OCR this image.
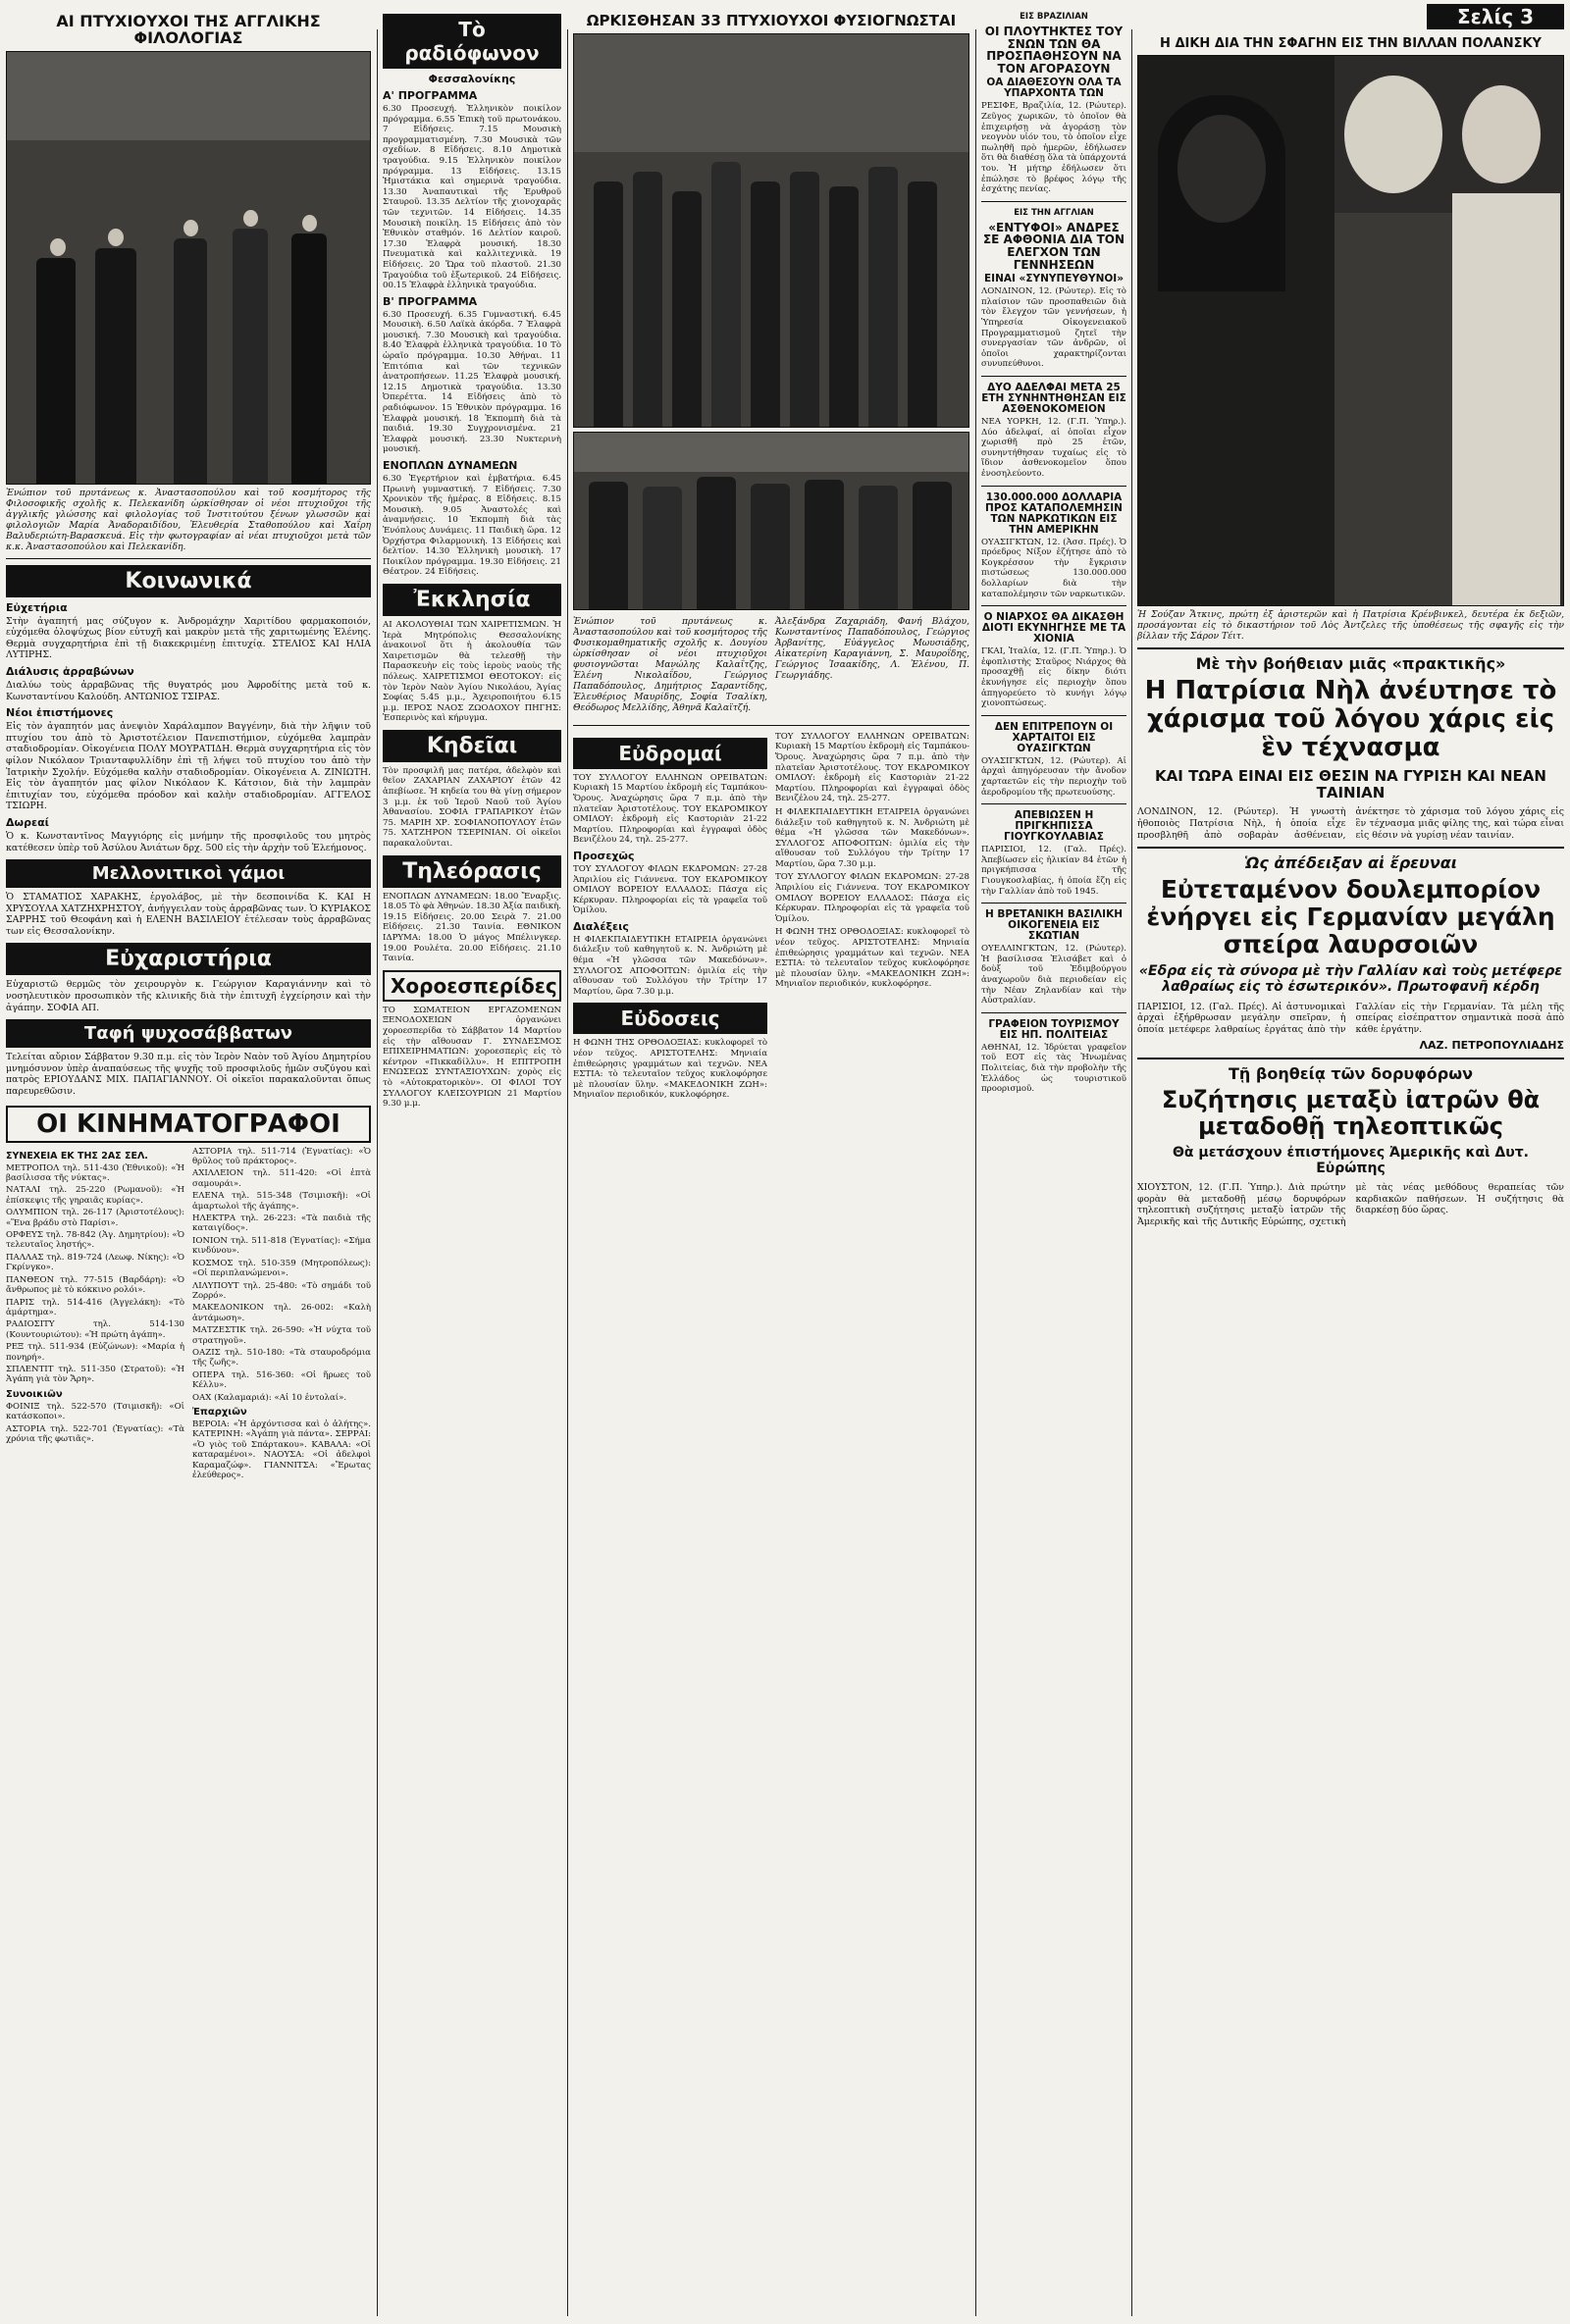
Σελίς 3
ΑΙ ΠΤΥΧΙΟΥΧΟΙ ΤΗΣ ΑΓΓΛΙΚΗΣ ΦΙΛΟΛΟΓΙΑΣ
Ἐνώπιον τοῦ πρυτάνεως κ. Ἀναστασοπούλου καὶ τοῦ κοσμήτορος τῆς Φιλοσοφικῆς σχολῆς κ. Πελεκανίδη ὡρκίσθησαν οἱ νέοι πτυχιοῦχοι τῆς ἀγγλικῆς γλώσσης καὶ φιλολογίας τοῦ Ἰνστιτούτου ξένων γλωσσῶν καὶ φιλολογιῶν Μαρία Ἀναδοραιδίδου, Ἐλευθερία Σταθοπούλου καὶ Χαΐρη Βαλυδεριώτη-Βαρασκευά. Εἰς τὴν φωτογραφίαν αἱ νέαι πτυχιοῦχοι μετὰ τῶν κ.κ. Ἀναστασοπούλου καὶ Πελεκανίδη.
Κοινωνικά
Εὐχετήρια

Στὴν ἀγαπητή μας σύζυγον κ. Ἀνδρομάχην Χαριτίδου φαρμακοποιόν, εὐχόμεθα ὁλοψύχως βίον εὐτυχῆ καὶ μακρὺν μετὰ τῆς χαριτωμένης Ἑλένης. Θερμὰ συγχαρητήρια ἐπὶ τῇ διακεκριμένῃ ἐπιτυχίᾳ. ΣΤΕΛΙΟΣ ΚΑΙ ΗΛΙΑ ΛΥΤΙΡΗΣ.

Διάλυσις ἀρραβώνων

Διαλύω τοὺς ἀρραβῶνας τῆς θυγατρός μου Ἀφροδίτης μετὰ τοῦ κ. Κωνσταντίνου Καλούδη. ΑΝΤΩΝΙΟΣ ΤΣΙΡΑΣ.

Νέοι ἐπιστήμονες

Εἰς τὸν ἀγαπητόν μας ἀνεψιὸν Χαράλαμπον Βαγγένην, διὰ τὴν λῆψιν τοῦ πτυχίου του ἀπὸ τὸ Ἀριστοτέλειον Πανεπιστήμιον, εὐχόμεθα λαμπρὰν σταδιοδρομίαν. Οἰκογένεια ΠΟΛΥ ΜΟΥΡΑΤΙΔΗ. Θερμὰ συγχαρητήρια εἰς τὸν φίλον Νικόλαον Τριανταφυλλίδην ἐπὶ τῇ λήψει τοῦ πτυχίου του ἀπὸ τὴν Ἰατρικὴν Σχολήν. Εὐχόμεθα καλὴν σταδιοδρομίαν. Οἰκογένεια Α. ΖΙΝΙΩΤΗ. Εἰς τὸν ἀγαπητόν μας φίλον Νικόλαον Κ. Κάτσιον, διὰ τὴν λαμπρὰν ἐπιτυχίαν του, εὐχόμεθα πρόοδον καὶ καλὴν σταδιοδρομίαν. ΑΓΓΕΛΟΣ ΤΣΙΩΡΗ.

Δωρεαί

Ὁ κ. Κωνσταντῖνος Μαγγιόρης εἰς μνήμην τῆς προσφιλοῦς του μητρὸς κατέθεσεν ὑπὲρ τοῦ Ἀσύλου Ἀνιάτων δρχ. 500 εἰς τὴν ἀρχὴν τοῦ Ἑλεήμονος.

Μελλονιτικοὶ γάμοι

Ὁ ΣΤΑΜΑΤΙΟΣ ΧΑΡΑΚΗΣ, ἐργολάβος, μὲ τὴν δεσποινίδα Κ. ΚΑΙ Η ΧΡΥΣΟΥΛΑ ΧΑΤΖΗΧΡΗΣΤΟΥ, ἀνήγγειλαν τοὺς ἀρραβῶνας των. Ὁ ΚΥΡΙΑΚΟΣ ΣΑΡΡΗΣ τοῦ Θεοφάνη καὶ ἡ ΕΛΕΝΗ ΒΑΣΙΛΕΙΟΥ ἐτέλεσαν τοὺς ἀρραβῶνας των εἰς Θεσσαλονίκην.

Εὐχαριστήρια

Εὐχαριστῶ θερμῶς τὸν χειρουργὸν κ. Γεώργιον Καραγιάννην καὶ τὸ νοσηλευτικὸν προσωπικὸν τῆς κλινικῆς διὰ τὴν ἐπιτυχῆ ἐγχείρησιν καὶ τὴν ἀγάπην. ΣΟΦΙΑ ΑΠ.

Ταφή ψυχοσάββατων

Τελείται αὔριον Σάββατον 9.30 π.μ. εἰς τὸν Ἱερὸν Ναὸν τοῦ Ἁγίου Δημητρίου μνημόσυνον ὑπὲρ ἀναπαύσεως τῆς ψυχῆς τοῦ προσφιλοῦς ἡμῶν συζύγου καὶ πατρὸς ΕΡΙΟΥΔΑΝΣ ΜΙΧ. ΠΑΠΑΓΙΑΝΝΟΥ. Οἱ οἰκεῖοι παρακαλοῦνται ὅπως παρευρεθῶσιν.

ΟΙ ΚΙΝΗΜΑΤΟΓΡΑΦΟΙ
ΣΥΝΕΧΕΙΑ ΕΚ ΤΗΣ 2ΑΣ ΣΕΛ.

ΜΕΤΡΟΠΟΛ τηλ. 511-430 (Ἐθνικοῦ): «Ἡ βασίλισσα τῆς νύκτας».

ΝΑΤΑΛΙ τηλ. 25-220 (Ρωμανοῦ): «Ἡ ἐπίσκεψις τῆς γηραιᾶς κυρίας».

ΟΛΥΜΠΙΟΝ τηλ. 26-117 (Ἀριστοτέλους): «Ἕνα βράδυ στὸ Παρίσι».

ΟΡΦΕΥΣ τηλ. 78-842 (Ἁγ. Δημητρίου): «Ὁ τελευταῖος ληστής».

ΠΑΛΛΑΣ τηλ. 819-724 (Λεωφ. Νίκης): «Ὁ Γκρίνγκο».

ΠΑΝΘΕΟΝ τηλ. 77-515 (Βαρδάρη): «Ὁ ἄνθρωπος μὲ τὸ κόκκινο ρολόι».

ΠΑΡΙΣ τηλ. 514-416 (Ἀγγελάκη): «Τὸ ἀμάρτημα».

ΡΑΔΙΟΣΙΤΥ τηλ. 514-130 (Κουντουριώτου): «Ἡ πρώτη ἀγάπη».

ΡΕΞ τηλ. 511-934 (Εὐζώνων): «Μαρία ἡ πονηρή».

ΣΠΛΕΝΤΙΤ τηλ. 511-350 (Στρατοῦ): «Ἡ Ἀγάπη γιὰ τὸν Ἄρη».

Συνοικιῶν

ΦΟΙΝΙΞ τηλ. 522-570 (Τσιμισκῆ): «Οἱ κατάσκοποι».

ΑΣΤΟΡΙΑ τηλ. 522-701 (Ἐγνατίας): «Τὰ χρόνια τῆς φωτιᾶς».

ΑΣΤΟΡΙΑ τηλ. 511-714 (Ἐγνατίας): «Ὁ θρῦλος τοῦ πράκτορος».

ΑΧΙΛΛΕΙΟΝ τηλ. 511-420: «Οἱ ἐπτὰ σαμουράι».

ΕΛΕΝΑ τηλ. 515-348 (Τσιμισκῆ): «Οἱ ἀμαρτωλοὶ τῆς ἀγάπης».

ΗΛΕΚΤΡΑ τηλ. 26-223: «Τὰ παιδιὰ τῆς καταιγίδος».

ΙΟΝΙΟΝ τηλ. 511-818 (Ἐγνατίας): «Σήμα κινδύνου».

ΚΟΣΜΟΣ τηλ. 510-359 (Μητροπόλεως): «Οἱ περιπλανώμενοι».

ΛΙΛΥΠΟΥΤ τηλ. 25-480: «Τὸ σημάδι τοῦ Ζορρό».

ΜΑΚΕΔΟΝΙΚΟΝ τηλ. 26-002: «Καλὴ ἀντάμωση».

ΜΑΤΖΕΣΤΙΚ τηλ. 26-590: «Ἡ νύχτα τοῦ στρατηγοῦ».

ΟΑΖΙΣ τηλ. 510-180: «Τὰ σταυροδρόμια τῆς ζωῆς».

ΟΠΕΡΑ τηλ. 516-360: «Οἱ ἥρωες τοῦ Κέλλυ».

ΟΑΧ (Καλαμαριά): «Αἱ 10 ἐντολαί».

Ἐπαρχιῶν

ΒΕΡΟΙΑ: «Ἡ ἀρχόντισσα καὶ ὁ ἀλήτης». ΚΑΤΕΡΙΝΗ: «Ἀγάπη γιὰ πάντα». ΣΕΡΡΑΙ: «Ὁ γιὸς τοῦ Σπάρτακου». ΚΑΒΑΛΑ: «Οἱ καταραμένοι». ΝΑΟΥΣΑ: «Οἱ ἀδελφοὶ Καραμαζώφ». ΓΙΑΝΝΙΤΣΑ: «Ἔρωτας ἐλεύθερος».

Τὸ ραδιόφωνον
Φεσσαλονίκης
Α' ΠΡΟΓΡΑΜΜΑ

6.30 Προσευχή. Ἑλληνικὸν ποικίλον πρόγραμμα. 6.55 Ἐπικὴ τοῦ πρωτονάκου. 7 Εἰδήσεις. 7.15 Μουσικὴ προγραμματισμένη. 7.30 Μουσικὰ τῶν σχεδίων. 8 Εἰδήσεις. 8.10 Δημοτικὰ τραγούδια. 9.15 Ἑλληνικὸν ποικίλον πρόγραμμα. 13 Εἰδήσεις. 13.15 Ἡμιστάκια καὶ σημερινὰ τραγούδια. 13.30 Ἀναπαυτικαὶ τῆς Ἐρυθροῦ Σταυροῦ. 13.35 Δελτίον τῆς χιονοχαρᾶς τῶν τεχνιτῶν. 14 Εἰδήσεις. 14.35 Μουσικὴ ποικίλη. 15 Εἰδήσεις ἀπὸ τὸν Ἐθνικὸν σταθμόν. 16 Δελτίον καιροῦ. 17.30 Ἐλαφρὰ μουσική. 18.30 Πνευματικὰ καὶ καλλιτεχνικὰ. 19 Εἰδήσεις. 20 Ὥρα τοῦ πλαστοῦ. 21.30 Τραγούδια τοῦ ἐξωτερικοῦ. 24 Εἰδήσεις. 00.15 Ἐλαφρὰ ἑλληνικὰ τραγούδια.

Β' ΠΡΟΓΡΑΜΜΑ

6.30 Προσευχή. 6.35 Γυμναστική. 6.45 Μουσικὴ. 6.50 Λαϊκὰ ἀκόρδα. 7 Ἐλαφρὰ μουσική. 7.30 Μουσικὴ καὶ τραγούδια. 8.40 Ἐλαφρὰ ἑλληνικὰ τραγούδια. 10 Τὸ ὡραῖο πρόγραμμα. 10.30 Ἀθήναι. 11 Ἐπιτόπια καὶ τῶν τεχνικῶν ἀνατροπήσεων. 11.25 Ἐλαφρὰ μουσική. 12.15 Δημοτικὰ τραγούδια. 13.30 Ὀπερέττα. 14 Εἰδήσεις ἀπὸ τὸ ραδιόφωνον. 15 Ἐθνικὸν πρόγραμμα. 16 Ἐλαφρὰ μουσική. 18 Ἐκπομπὴ διὰ τὰ παιδιά. 19.30 Συγχρονισμένα. 21 Ἐλαφρὰ μουσική. 23.30 Νυκτερινὴ μουσική.

ΕΝΟΠΛΩΝ ΔΥΝΑΜΕΩΝ

6.30 Ἐγερτήριον καὶ ἐμβατήρια. 6.45 Πρωινὴ γυμναστική. 7 Εἰδήσεις. 7.30 Χρονικὸν τῆς ἡμέρας. 8 Εἰδήσεις. 8.15 Μουσικὴ. 9.05 Ἀναστολές καὶ ἀναμνήσεις. 10 Ἐκπομπὴ διὰ τὰς Ἐνόπλους Δυνάμεις. 11 Παιδικὴ ὥρα. 12 Ὀρχήστρα Φιλαρμονικὴ. 13 Εἰδήσεις καὶ δελτίον. 14.30 Ἑλληνικὴ μουσικὴ. 17 Ποικίλον πρόγραμμα. 19.30 Εἰδήσεις. 21 Θέατρον. 24 Εἰδήσεις.

Ἐκκλησία

ΑΙ ΑΚΟΛΟΥΘΙΑΙ ΤΩΝ ΧΑΙΡΕΤΙΣΜΩΝ. Ἡ Ἱερὰ Μητρόπολις Θεσσαλονίκης ἀνακοινοῖ ὅτι ἡ ἀκολουθία τῶν Χαιρετισμῶν θὰ τελεσθῇ τὴν Παρασκευὴν εἰς τοὺς ἱεροὺς ναοὺς τῆς πόλεως. ΧΑΙΡΕΤΙΣΜΟΙ ΘΕΟΤΟΚΟΥ: εἰς τὸν Ἱερὸν Ναὸν Ἁγίου Νικολάου, Ἁγίας Σοφίας 5.45 μ.μ., Ἁχειροποιήτου 6.15 μ.μ. ΙΕΡΟΣ ΝΑΟΣ ΖΩΟΔΟΧΟΥ ΠΗΓΗΣ: Ἐσπερινὸς καὶ κήρυγμα.

Κηδεῖαι

Τὸν προσφιλῆ μας πατέρα, ἀδελφὸν καὶ θεῖον ΖΑΧΑΡΙΑΝ ΖΑΧΑΡΙΟΥ ἐτῶν 42 ἀπεβίωσε. Ἡ κηδεία του θὰ γίνῃ σήμερον 3 μ.μ. ἐκ τοῦ Ἱεροῦ Ναοῦ τοῦ Ἁγίου Ἀθανασίου. ΣΟΦΙΑ ΓΡΑΠΑΡΙΚΟΥ ἐτῶν 75. ΜΑΡΙΗ ΧΡ. ΣΟΦΙΑΝΟΠΟΥΛΟΥ ἐτῶν 75. ΧΑΤΖΗΡΟΝ ΤΣΕΡΙΝΙΑΝ. Οἱ οἰκεῖοι παρακαλοῦνται.

Τηλεόρασις

ΕΝΟΠΛΩΝ ΔΥΝΑΜΕΩΝ: 18.00 Ἔναρξις. 18.05 Τὸ φὰ Ἀθηνών. 18.30 Ἀξία παιδικὴ. 19.15 Εἰδήσεις. 20.00 Σειρὰ 7. 21.00 Εἰδήσεις. 21.30 Ταινία. ΕΘΝΙΚΟΝ ΙΔΡΥΜΑ: 18.00 Ὁ μάγος Μπέλινγκερ. 19.00 Ρουλέτα. 20.00 Εἰδήσεις. 21.10 Ταινία.

Χοροεσπερίδες

ΤΟ ΣΩΜΑΤΕΙΟΝ ΕΡΓΑΖΟΜΕΝΩΝ ΞΕΝΟΔΟΧΕΙΩΝ ὀργανώνει χοροεσπερίδα τὸ Σάββατον 14 Μαρτίου εἰς τὴν αἴθουσαν Γ. ΣΥΝΔΕΣΜΟΣ ΕΠΙΧΕΙΡΗΜΑΤΙΩΝ: χοροεσπερὶς εἰς τὸ κέντρον «Πικκαδίλλυ». Η ΕΠΙΤΡΟΠΗ ΕΝΩΣΕΩΣ ΣΥΝΤΑΞΙΟΥΧΩΝ: χορὸς εἰς τὸ «Αὐτοκρατορικὸν». ΟΙ ΦΙΛΟΙ ΤΟΥ ΣΥΛΛΟΓΟΥ ΚΛΕΙΣΟΥΡΙΩΝ 21 Μαρτίου 9.30 μ.μ.

ΩΡΚΙΣΘΗΣΑΝ 33 ΠΤΥΧΙΟΥΧΟΙ ΦΥΣΙΟΓΝΩΣΤΑΙ
Ἐνώπιον τοῦ πρυτάνεως κ. Ἀναστασοπούλου καὶ τοῦ κοσμήτορος τῆς Φυσικομαθηματικῆς σχολῆς κ. Δουγίου ὡρκίσθησαν οἱ νέοι πτυχιοῦχοι φυσιογνῶσται Μανώλης Καλαΐτζης, Ἑλένη Νικολαΐδου, Γεώργιος Παπαδόπουλος, Δημήτριος Σαραντίδης, Ἑλευθέριος Μαυρίδης, Σοφία Τσαλίκη, Θεόδωρος Μελλίδης, Ἀθηνᾶ Καλαϊτζή.
Ἀλεξάνδρα Ζαχαριάδη, Φανή Βλάχου, Κωνσταντίνος Παπαδόπουλος, Γεώργιος Ἀρβανίτης, Εὐάγγελος Μωυσιάδης, Αἰκατερίνη Καραγιάννη, Σ. Μαυροΐδης, Γεώργιος Ἰσαακίδης, Λ. Ἐλένου, Π. Γεωργιάδης.
Εὐδρομαί

ΤΟΥ ΣΥΛΛΟΓΟΥ ΕΛΛΗΝΩΝ ΟΡΕΙΒΑΤΩΝ: Κυριακὴ 15 Μαρτίου ἐκδρομὴ εἰς Ταμπάκου-Ὄρους. Ἀναχώρησις ὥρα 7 π.μ. ἀπὸ τὴν πλατεῖαν Ἀριστοτέλους. ΤΟΥ ΕΚΔΡΟΜΙΚΟΥ ΟΜΙΛΟΥ: ἐκδρομὴ εἰς Καστοριὰν 21-22 Μαρτίου. Πληροφορίαι καὶ ἐγγραφαὶ ὁδὸς Βενιζέλου 24, τηλ. 25-277.

Προσεχῶς

ΤΟΥ ΣΥΛΛΟΓΟΥ ΦΙΛΩΝ ΕΚΔΡΟΜΩΝ: 27-28 Ἀπριλίου εἰς Γιάννενα. ΤΟΥ ΕΚΔΡΟΜΙΚΟΥ ΟΜΙΛΟΥ ΒΟΡΕΙΟΥ ΕΛΛΑΔΟΣ: Πάσχα εἰς Κέρκυραν. Πληροφορίαι εἰς τὰ γραφεῖα τοῦ Ὁμίλου.

Διαλέξεις

Η ΦΙΛΕΚΠΑΙΔΕΥΤΙΚΗ ΕΤΑΙΡΕΙΑ ὀργανώνει διάλεξιν τοῦ καθηγητοῦ κ. Ν. Ἀνδριώτη μὲ θέμα «Ἡ γλῶσσα τῶν Μακεδόνων». ΣΥΛΛΟΓΟΣ ΑΠΟΦΟΙΤΩΝ: ὁμιλία εἰς τὴν αἴθουσαν τοῦ Συλλόγου τὴν Τρίτην 17 Μαρτίου, ὥρα 7.30 μ.μ.

Εὐδοσεις

Η ΦΩΝΗ ΤΗΣ ΟΡΘΟΔΟΞΙΑΣ: κυκλοφορεῖ τὸ νέον τεῦχος. ΑΡΙΣΤΟΤΕΛΗΣ: Μηνιαία ἐπιθεώρησις γραμμάτων καὶ τεχνῶν. ΝΕΑ ΕΣΤΙΑ: τὸ τελευταῖον τεῦχος κυκλοφόρησε μὲ πλουσίαν ὕλην. «ΜΑΚΕΔΟΝΙΚΗ ΖΩΗ»: Μηνιαῖον περιοδικόν, κυκλοφόρησε.

ΤΟΥ ΣΥΛΛΟΓΟΥ ΕΛΛΗΝΩΝ ΟΡΕΙΒΑΤΩΝ: Κυριακὴ 15 Μαρτίου ἐκδρομὴ εἰς Ταμπάκου-Ὄρους. Ἀναχώρησις ὥρα 7 π.μ. ἀπὸ τὴν πλατεῖαν Ἀριστοτέλους. ΤΟΥ ΕΚΔΡΟΜΙΚΟΥ ΟΜΙΛΟΥ: ἐκδρομὴ εἰς Καστοριὰν 21-22 Μαρτίου. Πληροφορίαι καὶ ἐγγραφαὶ ὁδὸς Βενιζέλου 24, τηλ. 25-277.

Η ΦΙΛΕΚΠΑΙΔΕΥΤΙΚΗ ΕΤΑΙΡΕΙΑ ὀργανώνει διάλεξιν τοῦ καθηγητοῦ κ. Ν. Ἀνδριώτη μὲ θέμα «Ἡ γλῶσσα τῶν Μακεδόνων». ΣΥΛΛΟΓΟΣ ΑΠΟΦΟΙΤΩΝ: ὁμιλία εἰς τὴν αἴθουσαν τοῦ Συλλόγου τὴν Τρίτην 17 Μαρτίου, ὥρα 7.30 μ.μ.

ΤΟΥ ΣΥΛΛΟΓΟΥ ΦΙΛΩΝ ΕΚΔΡΟΜΩΝ: 27-28 Ἀπριλίου εἰς Γιάννενα. ΤΟΥ ΕΚΔΡΟΜΙΚΟΥ ΟΜΙΛΟΥ ΒΟΡΕΙΟΥ ΕΛΛΑΔΟΣ: Πάσχα εἰς Κέρκυραν. Πληροφορίαι εἰς τὰ γραφεῖα τοῦ Ὁμίλου.

Η ΦΩΝΗ ΤΗΣ ΟΡΘΟΔΟΞΙΑΣ: κυκλοφορεῖ τὸ νέον τεῦχος. ΑΡΙΣΤΟΤΕΛΗΣ: Μηνιαία ἐπιθεώρησις γραμμάτων καὶ τεχνῶν. ΝΕΑ ΕΣΤΙΑ: τὸ τελευταῖον τεῦχος κυκλοφόρησε μὲ πλουσίαν ὕλην. «ΜΑΚΕΔΟΝΙΚΗ ΖΩΗ»: Μηνιαῖον περιοδικόν, κυκλοφόρησε.

ΕΙΣ ΒΡΑΖΙΛΙΑΝ
ΟΙ ΠΛΟΥΤΗΚΤΕΣ ΤΟΥ ΣΝΩΝ ΤΩΝ ΘΑ ΠΡΟΣΠΑΘΗΣΟΥΝ ΝΑ ΤΟΝ ΑΓΟΡΑΣΟΥΝ
ΟΑ ΔΙΑΘΕΣΟΥΝ ΟΛΑ ΤΑ ΥΠΑΡΧΟΝΤΑ ΤΩΝ

ΡΕΣΙΦΕ, Βραζιλία, 12. (Ρώυτερ). Ζεῦγος χωρικῶν, τὸ ὁποῖον θὰ ἐπιχειρήσῃ νὰ ἀγοράσῃ τὸν νεογνὸν υἱόν του, τὸ ὁποῖον εἶχε πωληθῆ πρὸ ἡμερῶν, ἐδήλωσεν ὅτι θὰ διαθέσῃ ὅλα τὰ ὑπάρχοντά του. Ἡ μήτηρ ἐδήλωσεν ὅτι ἐπώλησε τὸ βρέφος λόγῳ τῆς ἐσχάτης πενίας.

ΕΙΣ ΤΗΝ ΑΓΓΛΙΑΝ
«ΕΝΤΥΦΟΙ» ΑΝΔΡΕΣ ΣΕ ΑΦΘΟΝΙΑ ΔΙΑ ΤΟΝ ΕΛΕΓΧΟΝ ΤΩΝ ΓΕΝΝΗΣΕΩΝ
ΕΙΝΑΙ «ΣΥΝΥΠΕΥΘΥΝΟΙ»

ΛΟΝΔΙΝΟΝ, 12. (Ρώυτερ). Εἰς τὸ πλαίσιον τῶν προσπαθειῶν διὰ τὸν ἔλεγχον τῶν γεννήσεων, ἡ Ὑπηρεσία Οἰκογενειακοῦ Προγραμματισμοῦ ζητεῖ τὴν συνεργασίαν τῶν ἀνδρῶν, οἱ ὁποῖοι χαρακτηρίζονται συνυπεύθυνοι.

ΔΥΟ ΑΔΕΛΦΑΙ ΜΕΤΑ 25 ΕΤΗ ΣΥΝΗΝΤΗΘΗΣΑΝ ΕΙΣ ΑΣΘΕΝΟΚΟΜΕΙΟΝ

ΝΕΑ ΥΟΡΚΗ, 12. (Γ.Π. Ὑπηρ.). Δύο ἀδελφαί, αἱ ὁποῖαι εἶχον χωρισθῆ πρὸ 25 ἐτῶν, συνηντήθησαν τυχαίως εἰς τὸ ἴδιον ἀσθενοκομεῖον ὅπου ἐνοσηλεύοντο.

130.000.000 ΔΟΛΛΑΡΙΑ ΠΡΟΣ ΚΑΤΑΠΟΛΕΜΗΣΙΝ ΤΩΝ ΝΑΡΚΩΤΙΚΩΝ ΕΙΣ ΤΗΝ ΑΜΕΡΙΚΗΝ

ΟΥΑΣΙΓΚΤΩΝ, 12. (Ἀσσ. Πρές). Ὁ πρόεδρος Νίξον ἐζήτησε ἀπὸ τὸ Κογκρέσσον τὴν ἔγκρισιν πιστώσεως 130.000.000 δολλαρίων διὰ τὴν καταπολέμησιν τῶν ναρκωτικῶν.

Ο ΝΙΑΡΧΟΣ ΘΑ ΔΙΚΑΣΘΗ ΔΙΟΤΙ ΕΚΥΝΗΓΗΣΕ ΜΕ ΤΑ ΧΙΟΝΙΑ

ΓΚΑΙ, Ἰταλία, 12. (Γ.Π. Ὑπηρ.). Ὁ ἐφοπλιστὴς Σταῦρος Νιάρχος θὰ προσαχθῇ εἰς δίκην διότι ἐκυνήγησε εἰς περιοχὴν ὅπου ἀπηγορεύετο τὸ κυνήγι λόγῳ χιονοπτώσεως.

ΔΕΝ ΕΠΙΤΡΕΠΟΥΝ ΟΙ ΧΑΡΤΑΙΤΟΙ ΕΙΣ ΟΥΑΣΙΓΚΤΩΝ

ΟΥΑΣΙΓΚΤΩΝ, 12. (Ρώυτερ). Αἱ ἀρχαὶ ἀπηγόρευσαν τὴν ἄνοδον χαρταετῶν εἰς τὴν περιοχὴν τοῦ ἀεροδρομίου τῆς πρωτευούσης.

ΑΠΕΒΙΩΣΕΝ Η ΠΡΙΓΚΗΠΙΣΣΑ ΓΙΟΥΓΚΟΥΛΑΒΙΑΣ

ΠΑΡΙΣΙΟΙ, 12. (Γαλ. Πρές). Ἀπεβίωσεν εἰς ἡλικίαν 84 ἐτῶν ἡ πριγκήπισσα τῆς Γιουγκοσλαβίας, ἡ ὁποία ἔζη εἰς τὴν Γαλλίαν ἀπὸ τοῦ 1945.

Η ΒΡΕΤΑΝΙΚΗ ΒΑΣΙΛΙΚΗ ΟΙΚΟΓΕΝΕΙΑ ΕΙΣ ΣΚΩΤΙΑΝ

ΟΥΕΛΛΙΝΓΚΤΩΝ, 12. (Ρώυτερ). Ἡ βασίλισσα Ἐλισάβετ καὶ ὁ δοὺξ τοῦ Ἐδιμβούργου ἀναχωροῦν διὰ περιοδείαν εἰς τὴν Νέαν Ζηλανδίαν καὶ τὴν Αὐστραλίαν.

ΓΡΑΦΕΙΟΝ ΤΟΥΡΙΣΜΟΥ ΕΙΣ ΗΠ. ΠΟΛΙΤΕΙΑΣ

ΑΘΗΝΑΙ, 12. Ἱδρύεται γραφεῖον τοῦ ΕΟΤ εἰς τὰς Ἡνωμένας Πολιτείας, διὰ τὴν προβολὴν τῆς Ἑλλάδος ὡς τουριστικοῦ προορισμοῦ.

Η ΔΙΚΗ ΔΙΑ ΤΗΝ ΣΦΑΓΗΝ ΕΙΣ ΤΗΝ ΒΙΛΛΑΝ ΠΟΛΑΝΣΚΥ
Ἡ Σούζαν Ἄτκινς, πρώτη ἐξ ἀριστερῶν καὶ ἡ Πατρίσια Κρένβινκελ, δευτέρα ἐκ δεξιῶν, προσάγονται εἰς τὸ δικαστήριον τοῦ Λὸς Ἀντζελες τῆς ὑποθέσεως τῆς σφαγῆς εἰς τὴν βίλλαν τῆς Σάρον Τέιτ.
Μὲ τὴν βοήθειαν μιᾶς «πρακτικῆς»
Η Πατρίσια Νὴλ ἀνέυτησε τὸ χάρισμα τοῦ λόγου χάρις εἰς ἓν τέχνασμα
ΚΑΙ ΤΩΡΑ ΕΙΝΑΙ ΕΙΣ ΘΕΣΙΝ ΝΑ ΓΥΡΙΣΗ ΚΑΙ ΝΕΑΝ ΤΑΙΝΙΑΝ

ΛΟΝΔΙΝΟΝ, 12. (Ρώυτερ). Ἡ γνωστὴ ἠθοποιὸς Πατρίσια Νὴλ, ἡ ὁποία εἶχε προσβληθῆ ἀπὸ σοβαρὰν ἀσθένειαν, ἀνέκτησε τὸ χάρισμα τοῦ λόγου χάρις εἰς ἓν τέχνασμα μιᾶς φίλης της, καὶ τώρα εἶναι εἰς θέσιν νὰ γυρίσῃ νέαν ταινίαν.

Ὡς ἀπέδειξαν αἱ ἔρευναι
Εὐτεταμένον δουλεμπορίον ἐνήργει εἰς Γερμανίαν μεγάλη σπείρα λαυρσοιῶν
«Εδρα εἰς τὰ σύνορα μὲ τὴν Γαλλίαν καὶ τοὺς μετέφερε λαθραίως εἰς τὸ ἐσωτερικόν». Πρωτοφανῆ κέρδη

ΠΑΡΙΣΙΟΙ, 12. (Γαλ. Πρές). Αἱ ἀστυνομικαὶ ἀρχαὶ ἐξήρθρωσαν μεγάλην σπεῖραν, ἡ ὁποία μετέφερε λαθραίως ἐργάτας ἀπὸ τὴν Γαλλίαν εἰς τὴν Γερμανίαν. Τὰ μέλη τῆς σπείρας εἰσέπραττον σημαντικὰ ποσὰ ἀπὸ κάθε ἐργάτην.

ΛΑΖ. ΠΕΤΡΟΠΟΥΛΙΑΔΗΣ
Τῇ βοηθείᾳ τῶν δορυφόρων
Συζήτησις μεταξὺ ἰατρῶν θὰ μεταδοθῇ τηλεοπτικῶς
Θὰ μετάσχουν ἐπιστήμονες Ἀμερικῆς καὶ Δυτ. Εὐρώπης

ΧΙΟΥΣΤΟΝ, 12. (Γ.Π. Ὑπηρ.). Διὰ πρώτην φορὰν θὰ μεταδοθῇ μέσῳ δορυφόρων τηλεοπτικὴ συζήτησις μεταξὺ ἰατρῶν τῆς Ἀμερικῆς καὶ τῆς Δυτικῆς Εὐρώπης, σχετικὴ μὲ τὰς νέας μεθόδους θεραπείας τῶν καρδιακῶν παθήσεων. Ἡ συζήτησις θὰ διαρκέσῃ δύο ὥρας.
